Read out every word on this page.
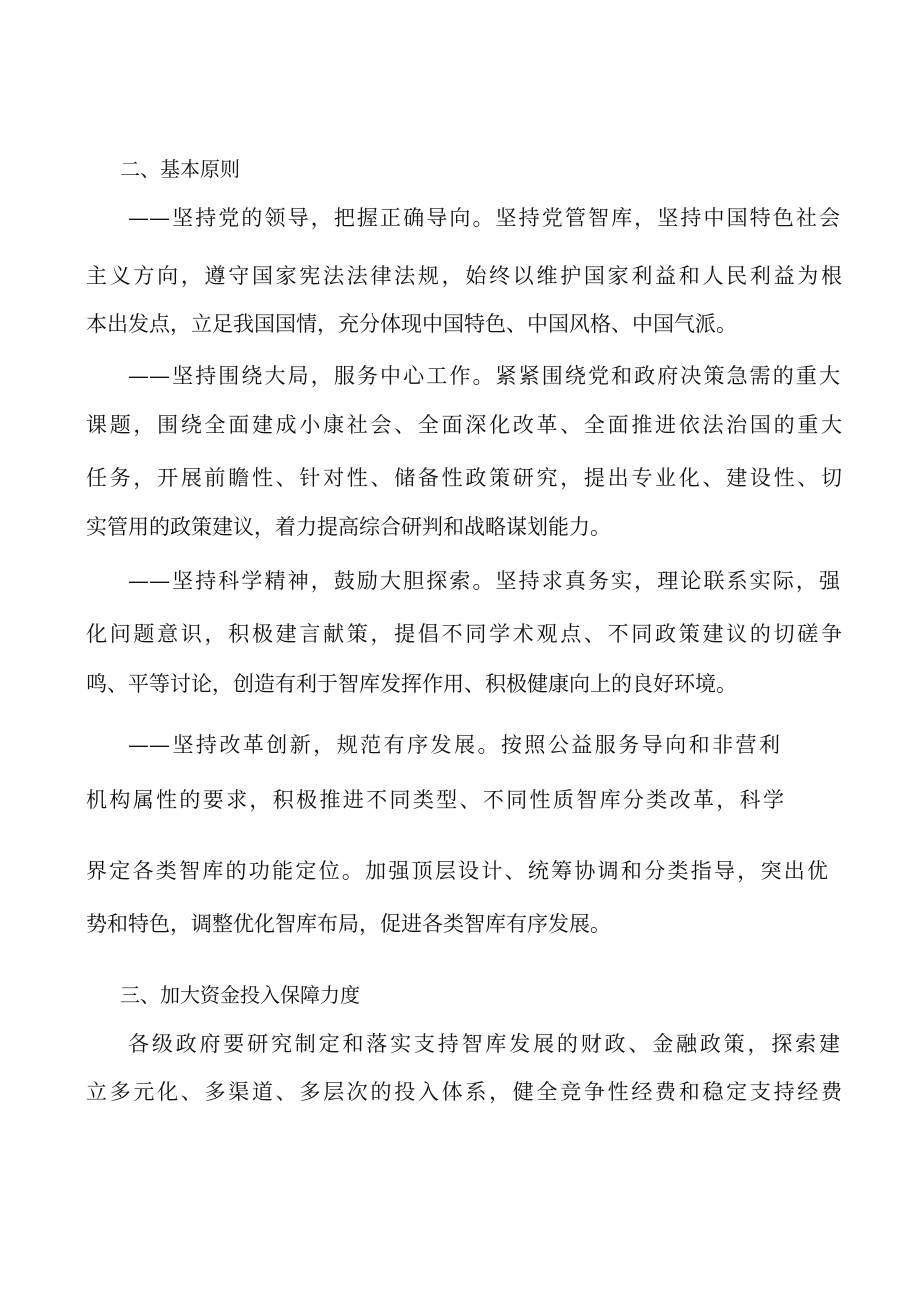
二、基本原则
——坚持党的领导，把握正确导向。坚持党管智库，坚持中国特色社会
主义方向，遵守国家宪法法律法规，始终以维护国家利益和人民利益为根
本出发点，立足我国国情，充分体现中国特色、中国风格、中国气派。
——坚持围绕大局，服务中心工作。紧紧围绕党和政府决策急需的重大
课题，围绕全面建成小康社会、全面深化改革、全面推进依法治国的重大
任务，开展前瞻性、针对性、储备性政策研究，提出专业化、建设性、切
实管用的政策建议，着力提高综合研判和战略谋划能力。
——坚持科学精神，鼓励大胆探索。坚持求真务实，理论联系实际，强
化问题意识，积极建言献策，提倡不同学术观点、不同政策建议的切磋争
鸣、平等讨论，创造有利于智库发挥作用、积极健康向上的良好环境。
——坚持改革创新，规范有序发展。按照公益服务导向和非营利
机构属性的要求，积极推进不同类型、不同性质智库分类改革，科学
界定各类智库的功能定位。加强顶层设计、统筹协调和分类指导，突出优
势和特色，调整优化智库布局，促进各类智库有序发展。
三、加大资金投入保障力度
各级政府要研究制定和落实支持智库发展的财政、金融政策，探索建
立多元化、多渠道、多层次的投入体系，健全竞争性经费和稳定支持经费
